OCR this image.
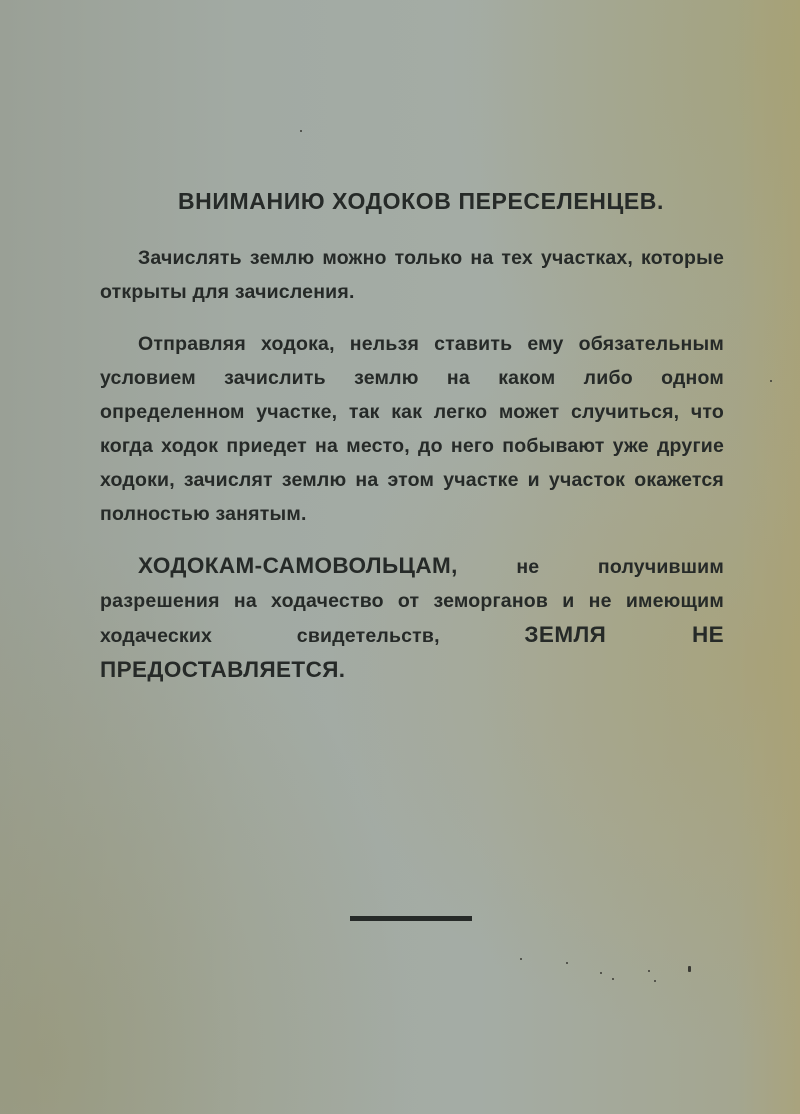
ВНИМАНИЮ ХОДОКОВ ПЕРЕСЕЛЕНЦЕВ.

Зачислять землю можно только на тех участках, которые открыты для зачисления.

Отправляя ходока, нельзя ставить ему обязательным условием зачислить землю на каком либо одном определенном участке, так как легко может случиться, что когда ходок приедет на место, до него побывают уже другие ходоки, зачислят землю на этом участке и участок окажется полностью занятым.

ХОДОКАМ-САМОВОЛЬЦАМ, не получившим разрешения на ходачество от земорганов и не имеющим ходаческих свидетельств, ЗЕМЛЯ НЕ ПРЕДОСТАВЛЯЕТСЯ.
